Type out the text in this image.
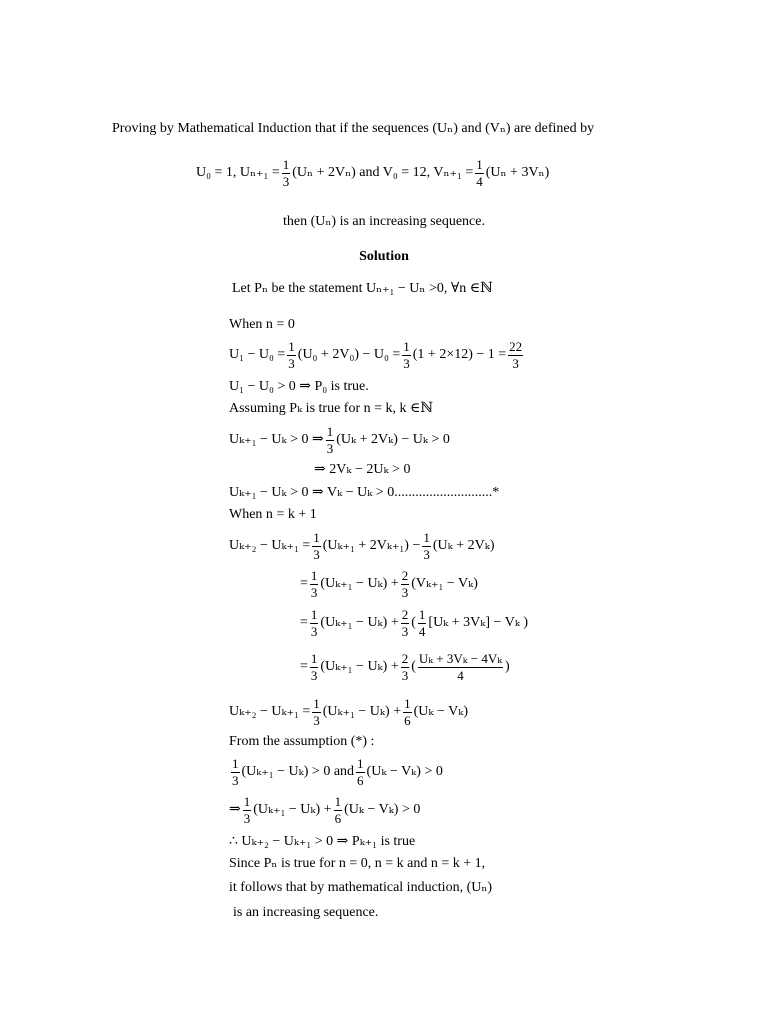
Proving by Mathematical Induction that if the sequences (Uₙ) and (Vₙ) are defined by
U₀ = 1, $U_{n+1} = \frac{1}{3} (U_n + 2V_n)$ and V₀ = 12, $V_{n+1} = \frac{1}{4} (U_n + 3V_n)$
then (Uₙ) is an increasing sequence.
Solution
Let Pₙ be the statement Uₙ₊₁ − Uₙ >0, ∀n ∈ℕ
When n = 0
$U_1 - U_0 = \frac{1}{3} (U_0 + 2V_0) - U_0 = \frac{1}{3} (1 + 2\times 12) - 1 = \frac{22}{3}$
U₁ − U₀ > 0 ⇒ P₀ is true.
Assuming Pₖ is true for n = k, k ∈ℕ
Uₖ₊₁ − Uₖ > 0 ⇒ $\frac{1}{3} (U_k + 2V_k) - U_k > 0$
⇒ 2Vₖ − 2Uₖ > 0
Uₖ₊₁ − Uₖ > 0 ⇒ Vₖ − Uₖ > 0............................*
When n = k + 1
$U_{k+2} - U_{k+1} = \frac{1}{3} (U_{k+1} + 2V_{k+1}) - \frac{1}{3} (U_k + 2V_k)$
= $\frac{1}{3} (U_{k+1} - U_k) + \frac{2}{3} (V_{k+1} - V_k)$
= $\frac{1}{3} (U_{k+1} - U_k) + \frac{2}{3}$ ( $\frac{1}{4} [U_k + 3V_k] - V_k$ )
= $\frac{1}{3} (U_{k+1} - U_k) + \frac{2}{3}$ ( $\frac{\text{Uₖ + 3Vₖ − 4Vₖ}}{4}$ )
$U_{k+2} - U_{k+1} = \frac{1}{3} (U_{k+1} - U_k) + \frac{1}{6} (U_k - V_k)$
From the assumption (*) :
$\frac{1}{3} (U_{k+1} - U_k) > 0$ and $\frac{1}{6} (U_k - V_k) > 0$
⇒ $\frac{1}{3} (U_{k+1} - U_k) + \frac{1}{6} (U_k - V_k) > 0$
∴ Uₖ₊₂ − Uₖ₊₁ > 0 ⇒ Pₖ₊₁ is true
Since Pₙ is true for n = 0, n = k and n = k + 1,
it follows that by mathematical induction, (Uₙ)
is an increasing sequence.
